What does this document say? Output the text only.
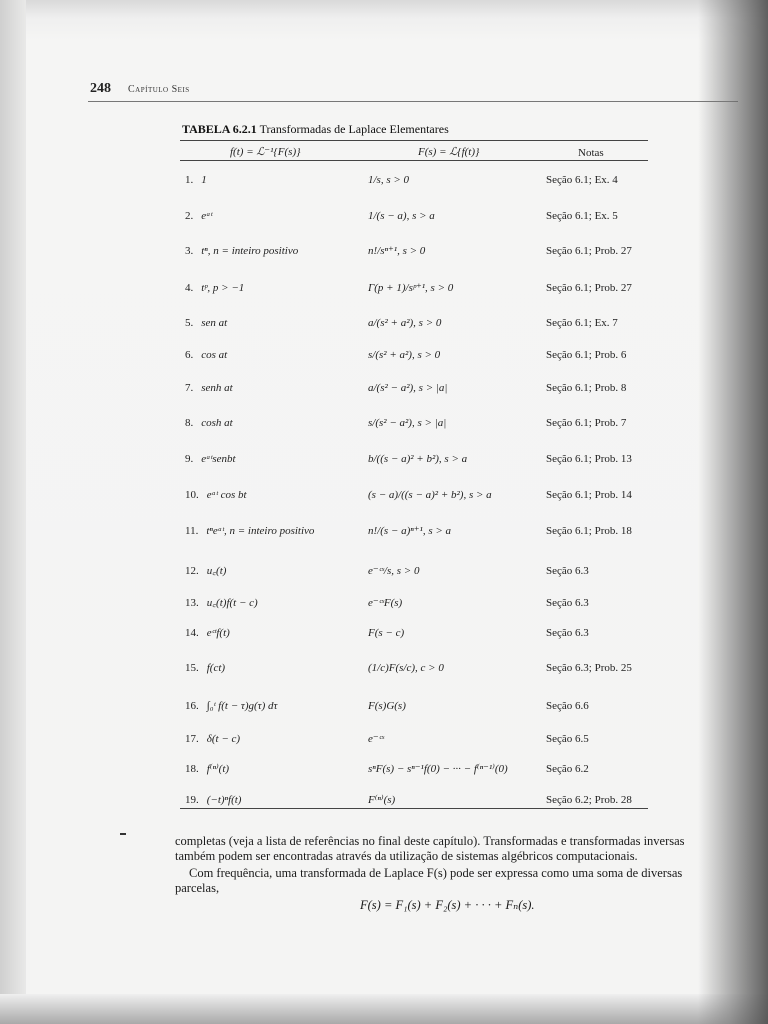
248 Capítulo Seis
TABELA 6.2.1 Transformadas de Laplace Elementares
f(t) = ℒ⁻¹{F(s)}	F(s) = ℒ{f(t)}	Notas
1. 1	1/s, s > 0	Seção 6.1; Ex. 4
2. eᵃᵗ	1/(s − a), s > a	Seção 6.1; Ex. 5
3. tⁿ, n = inteiro positivo	n!/sⁿ⁺¹, s > 0	Seção 6.1; Prob. 27
4. tᵖ, p > −1	Γ(p + 1)/sᵖ⁺¹, s > 0	Seção 6.1; Prob. 27
5. sen at	a/(s² + a²), s > 0	Seção 6.1; Ex. 7
6. cos at	s/(s² + a²), s > 0	Seção 6.1; Prob. 6
7. senh at	a/(s² − a²), s > |a|	Seção 6.1; Prob. 8
8. cosh at	s/(s² − a²), s > |a|	Seção 6.1; Prob. 7
9. eᵃᵗsenbt	b/((s − a)² + b²), s > a	Seção 6.1; Prob. 13
10. eᵃᵗ cos bt	(s − a)/((s − a)² + b²), s > a	Seção 6.1; Prob. 14
11. tⁿeᵃᵗ, n = inteiro positivo	n!/(s − a)ⁿ⁺¹, s > a	Seção 6.1; Prob. 18
12. u꜀(t)	e⁻ᶜˢ/s, s > 0	Seção 6.3
13. u꜀(t)f(t − c)	e⁻ᶜˢF(s)	Seção 6.3
14. eᶜᵗf(t)	F(s − c)	Seção 6.3
15. f(ct)	(1/c)F(s/c), c > 0	Seção 6.3; Prob. 25
16. ∫₀ᵗ f(t − τ)g(τ) dτ	F(s)G(s)	Seção 6.6
17. δ(t − c)	e⁻ᶜˢ	Seção 6.5
18. f⁽ⁿ⁾(t)	sⁿF(s) − sⁿ⁻¹f(0) − ··· − f⁽ⁿ⁻¹⁾(0)	Seção 6.2
19. (−t)ⁿf(t)	F⁽ⁿ⁾(s)	Seção 6.2; Prob. 28
completas (veja a lista de referências no final deste capítulo). Transformadas e transformadas inversas também podem ser encontradas através da utilização de sistemas algébricos computacionais.
Com frequência, uma transformada de Laplace F(s) pode ser expressa como uma soma de diversas parcelas,
F(s) = F₁(s) + F₂(s) + · · · + Fₙ(s).
